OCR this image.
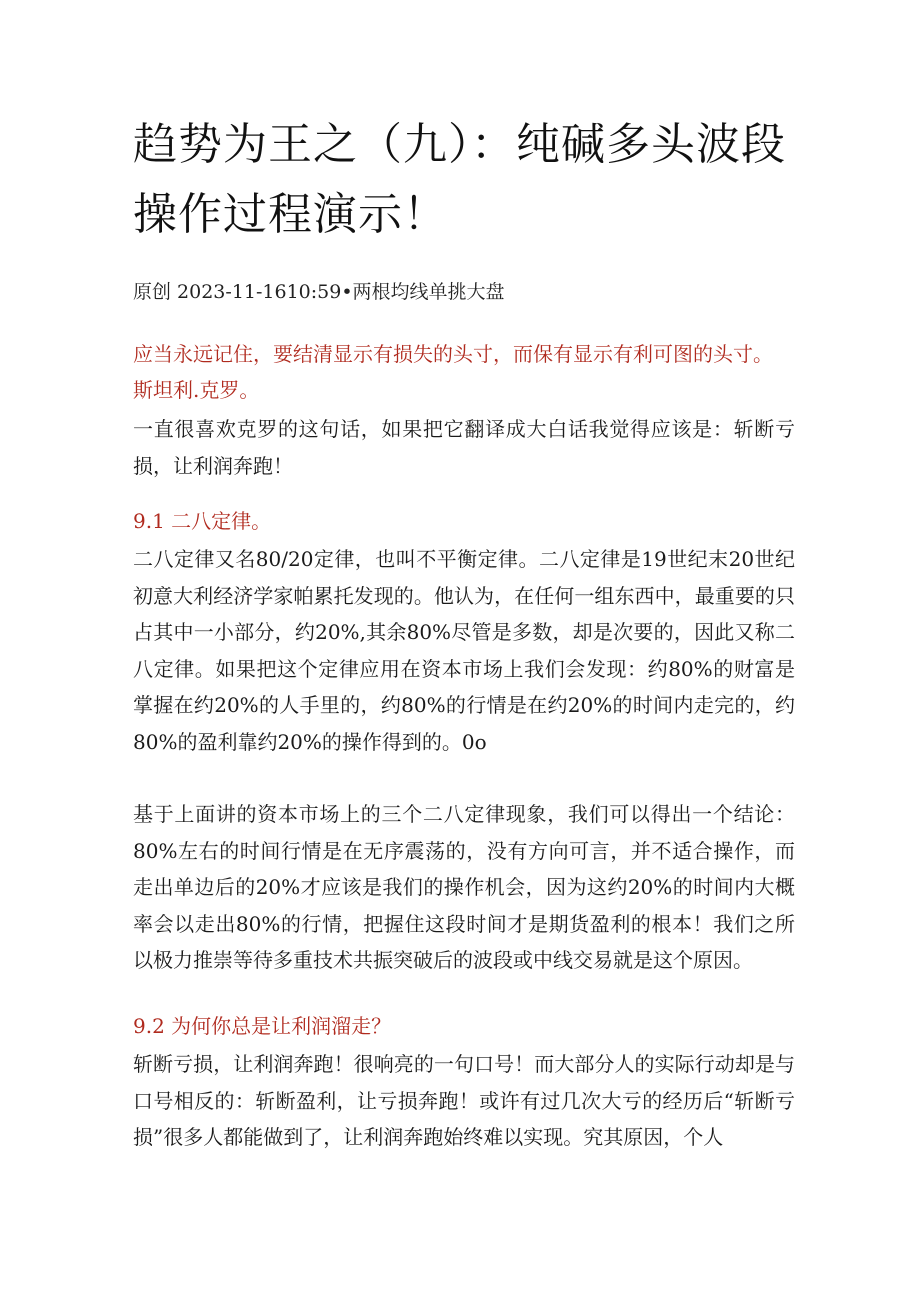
趋势为王之（九）：纯碱多头波段操作过程演示！
原创 2023-11-1610:59•两根均线单挑大盘
应当永远记住，要结清显示有损失的头寸，而保有显示有利可图的头寸。
斯坦利.克罗。

一直很喜欢克罗的这句话，如果把它翻译成大白话我觉得应该是：斩断亏损，让利润奔跑！

9.1 二八定律。

二八定律又名80/20定律，也叫不平衡定律。二八定律是19世纪末20世纪初意大利经济学家帕累托发现的。他认为，在任何一组东西中，最重要的只占其中一小部分，约20%,其余80%尽管是多数，却是次要的，因此又称二八定律。如果把这个定律应用在资本市场上我们会发现：约80%的财富是掌握在约20%的人手里的，约80%的行情是在约20%的时间内走完的，约80%的盈利靠约20%的操作得到的。0o

基于上面讲的资本市场上的三个二八定律现象，我们可以得出一个结论：80%左右的时间行情是在无序震荡的，没有方向可言，并不适合操作，而走出单边后的20%才应该是我们的操作机会，因为这约20%的时间内大概率会以走出80%的行情，把握住这段时间才是期货盈利的根本！我们之所以极力推崇等待多重技术共振突破后的波段或中线交易就是这个原因。

9.2 为何你总是让利润溜走？

斩断亏损，让利润奔跑！很响亮的一句口号！而大部分人的实际行动却是与口号相反的：斩断盈利，让亏损奔跑！或许有过几次大亏的经历后“斩断亏损”很多人都能做到了，让利润奔跑始终难以实现。究其原因，个人
